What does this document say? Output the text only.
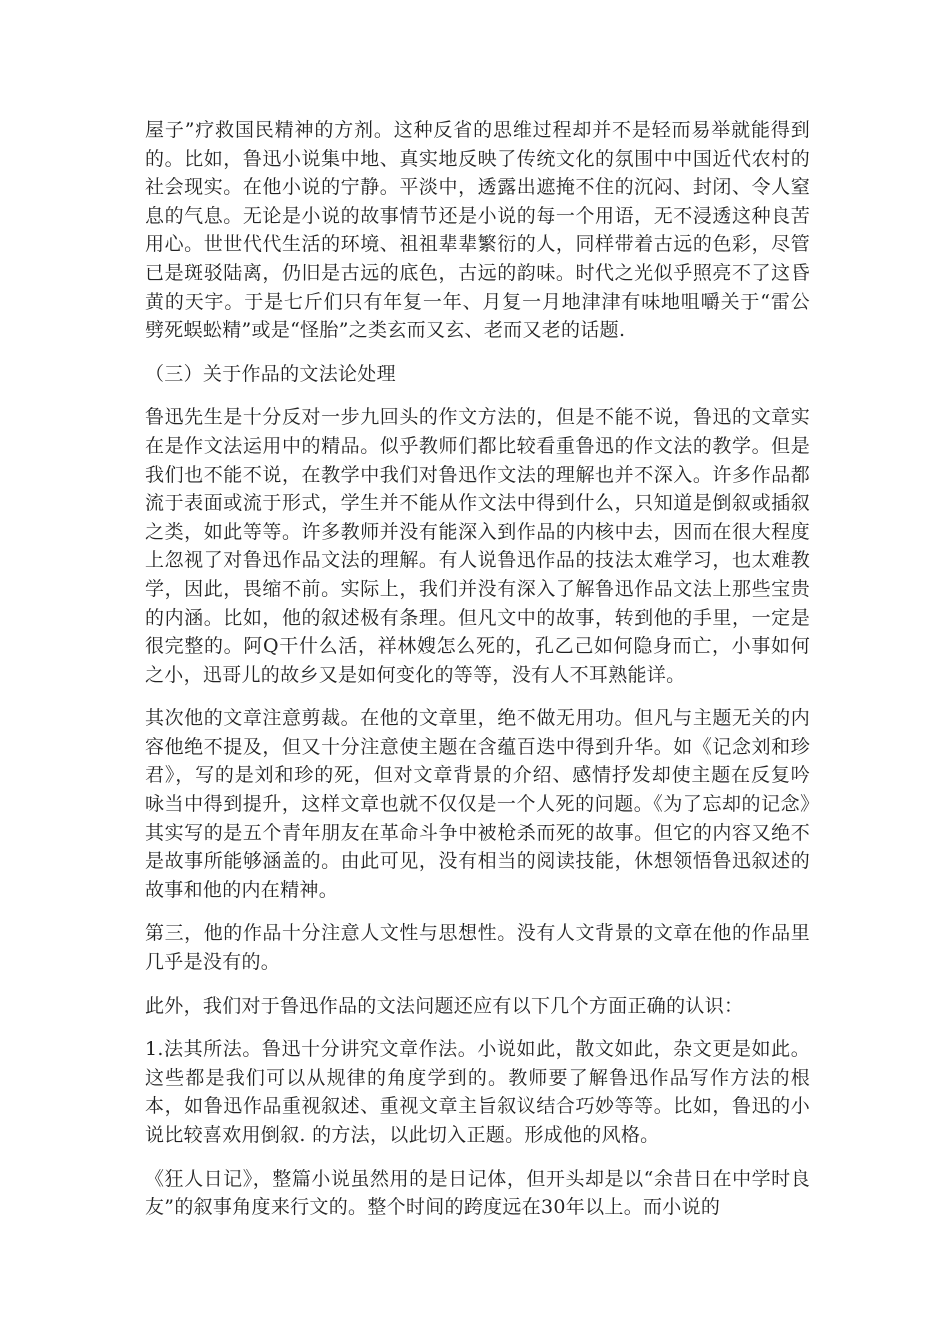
屋子”疗救国民精神的方剂。这种反省的思维过程却并不是轻而易举就能得到的。比如，鲁迅小说集中地、真实地反映了传统文化的氛围中中国近代农村的社会现实。在他小说的宁静。平淡中，透露出遮掩不住的沉闷、封闭、令人窒息的气息。无论是小说的故事情节还是小说的每一个用语，无不浸透这种良苦用心。世世代代生活的环境、祖祖辈辈繁衍的人，同样带着古远的色彩，尽管已是斑驳陆离，仍旧是古远的底色，古远的韵味。时代之光似乎照亮不了这昏黄的天宇。于是七斤们只有年复一年、月复一月地津津有味地咀嚼关于“雷公劈死蜈蚣精”或是“怪胎”之类玄而又玄、老而又老的话题.

（三）关于作品的文法论处理

鲁迅先生是十分反对一步九回头的作文方法的，但是不能不说，鲁迅的文章实在是作文法运用中的精品。似乎教师们都比较看重鲁迅的作文法的教学。但是我们也不能不说，在教学中我们对鲁迅作文法的理解也并不深入。许多作品都流于表面或流于形式，学生并不能从作文法中得到什么，只知道是倒叙或插叙之类，如此等等。许多教师并没有能深入到作品的内核中去，因而在很大程度上忽视了对鲁迅作品文法的理解。有人说鲁迅作品的技法太难学习，也太难教学，因此，畏缩不前。实际上，我们并没有深入了解鲁迅作品文法上那些宝贵的内涵。比如，他的叙述极有条理。但凡文中的故事，转到他的手里，一定是很完整的。阿Q干什么活，祥林嫂怎么死的，孔乙己如何隐身而亡，小事如何之小，迅哥儿的故乡又是如何变化的等等，没有人不耳熟能详。

其次他的文章注意剪裁。在他的文章里，绝不做无用功。但凡与主题无关的内容他绝不提及，但又十分注意使主题在含蕴百迭中得到升华。如《记念刘和珍君》，写的是刘和珍的死，但对文章背景的介绍、感情抒发却使主题在反复吟咏当中得到提升，这样文章也就不仅仅是一个人死的问题。《为了忘却的记念》其实写的是五个青年朋友在革命斗争中被枪杀而死的故事。但它的内容又绝不是故事所能够涵盖的。由此可见，没有相当的阅读技能，休想领悟鲁迅叙述的故事和他的内在精神。

第三，他的作品十分注意人文性与思想性。没有人文背景的文章在他的作品里几乎是没有的。

此外，我们对于鲁迅作品的文法问题还应有以下几个方面正确的认识：

1.法其所法。鲁迅十分讲究文章作法。小说如此，散文如此，杂文更是如此。这些都是我们可以从规律的角度学到的。教师要了解鲁迅作品写作方法的根本，如鲁迅作品重视叙述、重视文章主旨叙议结合巧妙等等。比如，鲁迅的小说比较喜欢用倒叙. 的方法，以此切入正题。形成他的风格。

《狂人日记》，整篇小说虽然用的是日记体，但开头却是以“余昔日在中学时良友”的叙事角度来行文的。整个时间的跨度远在30年以上。而小说的
